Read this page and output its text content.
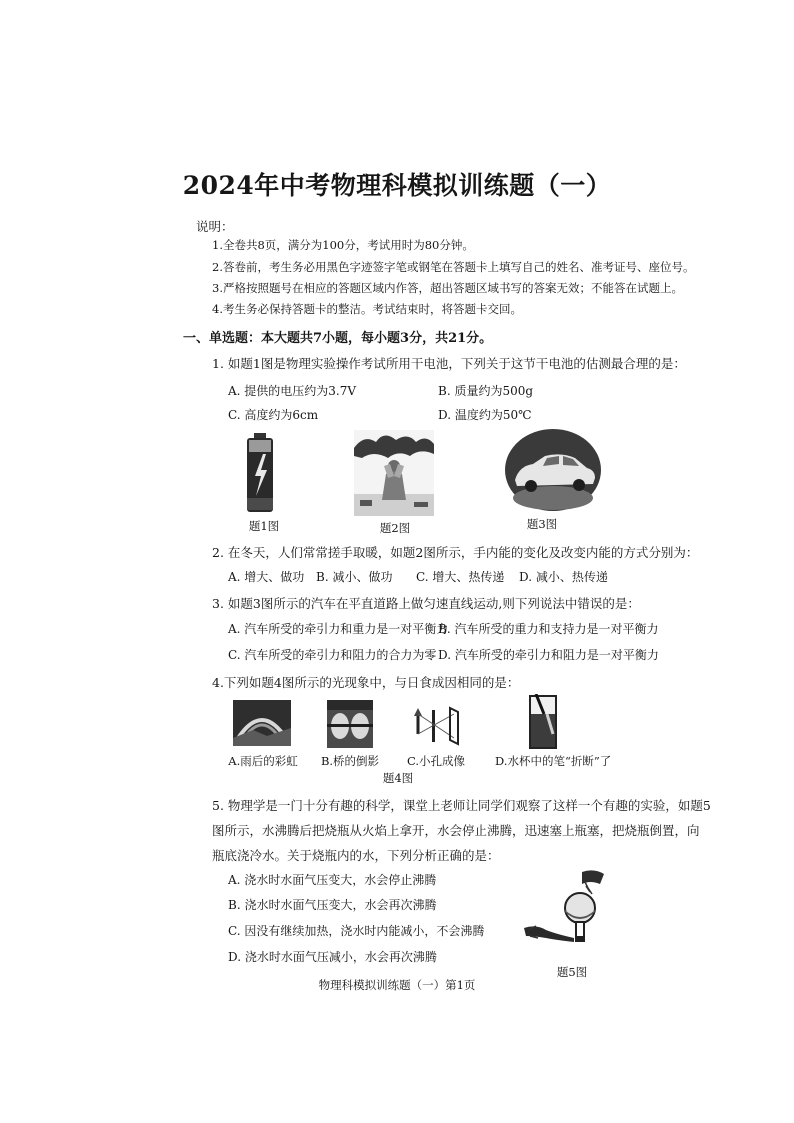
2024年中考物理科模拟训练题（一）
说明：
1.全卷共8页，满分为100分，考试用时为80分钟。
2.答卷前，考生务必用黑色字迹签字笔或钢笔在答题卡上填写自己的姓名、准考证号、座位号。
3.严格按照题号在相应的答题区域内作答，超出答题区域书写的答案无效；不能答在试题上。
4.考生务必保持答题卡的整洁。考试结束时，将答题卡交回。
一、单选题：本大题共7小题，每小题3分，共21分。
1. 如题1图是物理实验操作考试所用干电池，下列关于这节干电池的估测最合理的是：
A. 提供的电压约为3.7V	B. 质量约为500g
C. 高度约为6cm	D. 温度约为50℃
题1图	题2图	题3图
2. 在冬天，人们常常搓手取暖，如题2图所示，手内能的变化及改变内能的方式分别为：
A. 增大、做功 B. 减小、做功 C. 增大、热传递 D. 减小、热传递
3. 如题3图所示的汽车在平直道路上做匀速直线运动,则下列说法中错误的是：
A. 汽车所受的牵引力和重力是一对平衡力
B. 汽车所受的重力和支持力是一对平衡力
C. 汽车所受的牵引力和阻力的合力为零 D. 汽车所受的牵引力和阻力是一对平衡力
4.下列如题4图所示的光现象中，与日食成因相同的是：
A.雨后的彩虹	B.桥的倒影	C.小孔成像	D.水杯中的笔“折断”了
题4图
5. 物理学是一门十分有趣的科学，课堂上老师让同学们观察了这样一个有趣的实验，如题5
图所示，水沸腾后把烧瓶从火焰上拿开，水会停止沸腾，迅速塞上瓶塞，把烧瓶倒置，向
瓶底浇冷水。关于烧瓶内的水，下列分析正确的是：
A. 浇水时水面气压变大，水会停止沸腾
B. 浇水时水面气压变大，水会再次沸腾
C. 因没有继续加热，浇水时内能减小，不会沸腾
D. 浇水时水面气压减小，水会再次沸腾
题5图
物理科模拟训练题（一）第1页
